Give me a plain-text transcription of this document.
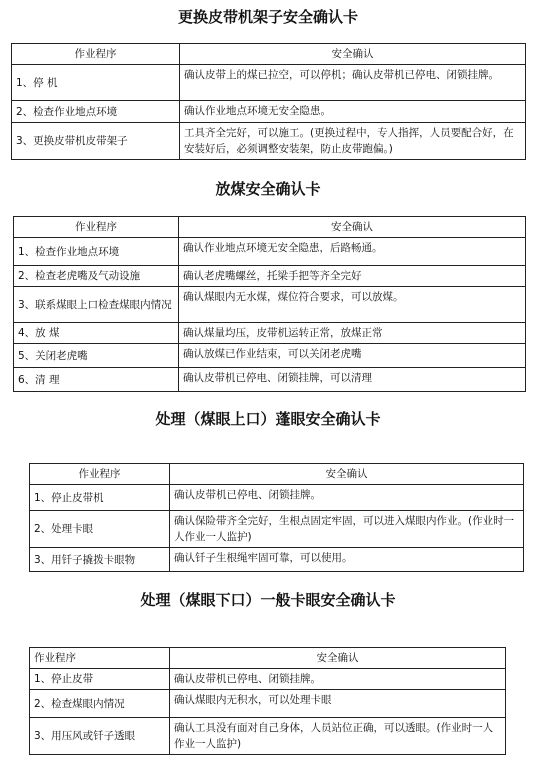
更换皮带机架子安全确认卡
作业程序	安全确认
1、停 机	确认皮带上的煤已拉空，可以停机；确认皮带机已停电、闭锁挂牌。
2、检查作业地点环境	确认作业地点环境无安全隐患。
3、更换皮带机皮带架子	工具齐全完好，可以施工。(更换过程中，专人指挥，人员要配合好，在安装好后，必须调整安装架，防止皮带跑偏。)
放煤安全确认卡
作业程序	安全确认
1、检查作业地点环境	确认作业地点环境无安全隐患，后路畅通。
2、检查老虎嘴及气动设施	确认老虎嘴螺丝，托梁手把等齐全完好
3、联系煤眼上口检查煤眼内情况	确认煤眼内无水煤，煤位符合要求，可以放煤。
4、放 煤	确认煤量均压，皮带机运转正常，放煤正常
5、关闭老虎嘴	确认放煤已作业结束，可以关闭老虎嘴
6、清 理	确认皮带机已停电、闭锁挂牌，可以清理
处理（煤眼上口）蓬眼安全确认卡
作业程序	安全确认
1、停止皮带机	确认皮带机已停电、闭锁挂牌。
2、处理卡眼	确认保险带齐全完好，生根点固定牢固，可以进入煤眼内作业。(作业时一人作业一人监护)
3、用钎子撬拨卡眼物	确认钎子生根绳牢固可靠，可以使用。
处理（煤眼下口）一般卡眼安全确认卡
作业程序	安全确认
1、停止皮带	确认皮带机已停电、闭锁挂牌。
2、检查煤眼内情况	确认煤眼内无积水，可以处理卡眼
3、用压风或钎子透眼	确认工具没有面对自己身体，人员站位正确，可以透眼。(作业时一人作业一人监护)
